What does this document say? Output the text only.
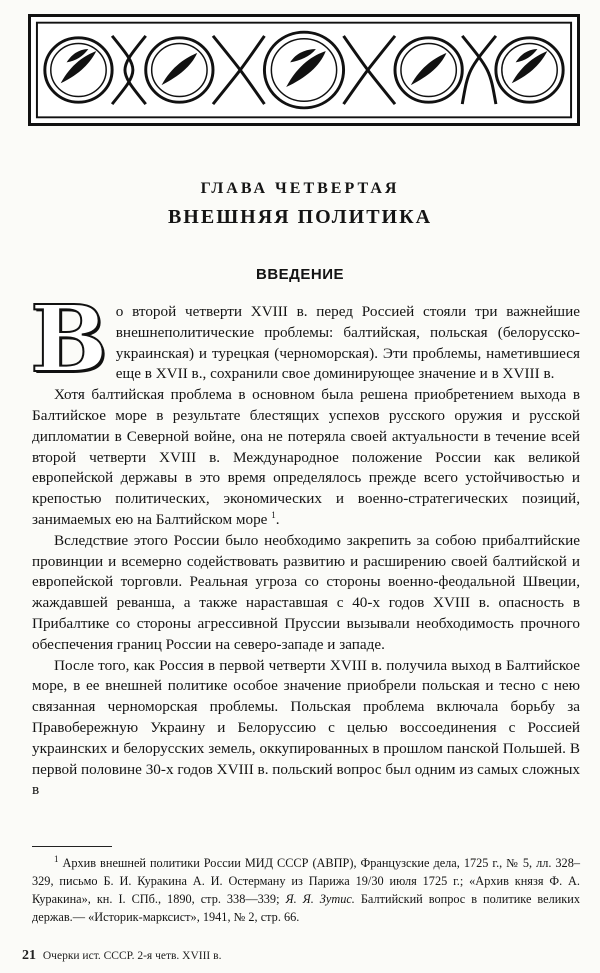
ГЛАВА ЧЕТВЕРТАЯ
ВНЕШНЯЯ ПОЛИТИКА
ВВЕДЕНИЕ

Во второй четверти XVIII в. перед Россией стояли три важнейшие внешнеполитические проблемы: балтийская, польская (белорусско-украинская) и турецкая (черноморская). Эти проблемы, наметившиеся еще в XVII в., сохранили свое доминирующее значение и в XVIII в.

Хотя балтийская проблема в основном была решена приобретением выхода в Балтийское море в результате блестящих успехов русского оружия и русской дипломатии в Северной войне, она не потеряла своей актуальности в течение всей второй четверти XVIII в. Международное положение России как великой европейской державы в это время определялось прежде всего устойчивостью и крепостью политических, экономических и военно-стратегических позиций, занимаемых ею на Балтийском море $^1$.

Вследствие этого России было необходимо закрепить за собою прибалтийские провинции и всемерно содействовать развитию и расширению своей балтийской и европейской торговли. Реальная угроза со стороны военно-феодальной Швеции, жаждавшей реванша, а также нараставшая с 40-х годов XVIII в. опасность в Прибалтике со стороны агрессивной Пруссии вызывали необходимость прочного обеспечения границ России на северо-западе и западе.

После того, как Россия в первой четверти XVIII в. получила выход в Балтийское море, в ее внешней политике особое значение приобрели польская и тесно с нею связанная черноморская проблемы. Польская проблема включала борьбу за Правобережную Украину и Белоруссию с целью воссоединения с Россией украинских и белорусских земель, оккупированных в прошлом панской Польшей. В первой половине 30-х годов XVIII в. польский вопрос был одним из самых сложных в

$^1$ Архив внешней политики России МИД СССР (АВПР), Французские дела, 1725 г., № 5, лл. 328–329, письмо Б. И. Куракина А. И. Остерману из Парижа 19/30 июля 1725 г.; «Архив князя Ф. А. Куракина», кн. I. СПб., 1890, стр. 338—339; Я. Я. Зутис. Балтийский вопрос в политике великих держав.— «Историк-марксист», 1941, № 2, стр. 66.

21 Очерки ист. СССР. 2-я четв. XVIII в.
